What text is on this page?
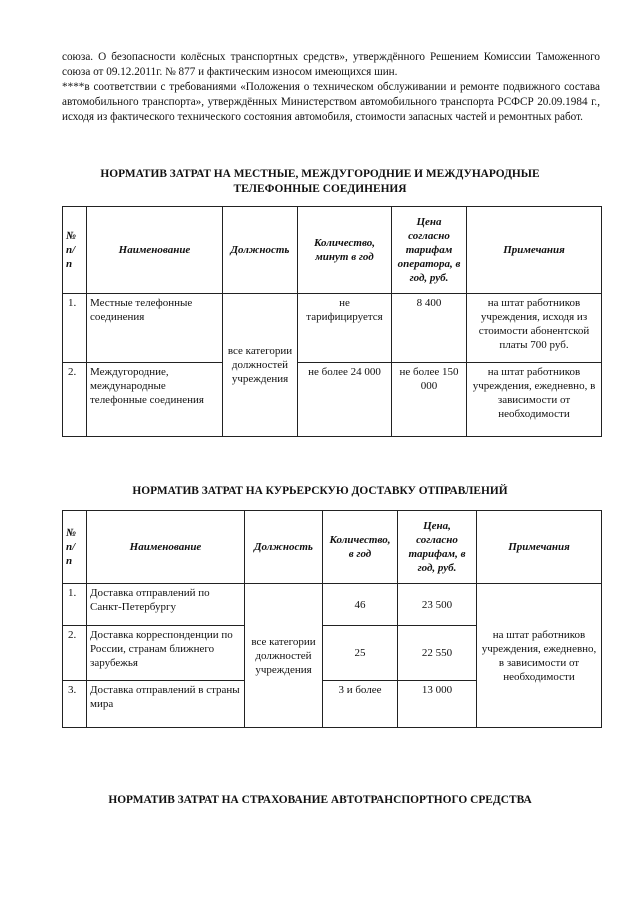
союза. О безопасности колёсных транспортных средств», утверждённого Решением Комиссии Таможенного союза от 09.12.2011г. № 877 и фактическим износом имеющихся шин.

****в соответствии с требованиями «Положения о техническом обслуживании и ремонте подвижного состава автомобильного транспорта», утверждённых Министерством автомобильного транспорта РСФСР 20.09.1984 г., исходя из фактического технического состояния автомобиля, стоимости запасных частей и ремонтных работ.

НОРМАТИВ ЗАТРАТ НА МЕСТНЫЕ, МЕЖДУГОРОДНИЕ И МЕЖДУНАРОДНЫЕ
ТЕЛЕФОННЫЕ СОЕДИНЕНИЯ
№ п/ п	Наименование	Должность	Количество, минут в год	Цена согласно тарифам оператора, в год, руб.	Примечания
1.	Местные телефонные соединения	все категории должностей учреждения	не тарифицируется	8 400	на штат работников учреждения, исходя из стоимости абонентской платы 700 руб.
2.	Междугородние, международные телефонные соединения		не более 24 000	не более 150 000	на штат работников учреждения, ежедневно, в зависимости от необходимости
НОРМАТИВ ЗАТРАТ НА КУРЬЕРСКУЮ ДОСТАВКУ ОТПРАВЛЕНИЙ
№ п/ п	Наименование	Должность	Количество, в год	Цена, согласно тарифам, в год, руб.	Примечания
1.	Доставка отправлений по Санкт-Петербургу	все категории должностей учреждения	46	23 500	на штат работников учреждения, ежедневно, в зависимости от необходимости
2.	Доставка корреспонденции по России, странам ближнего зарубежья		25	22 550	
3.	Доставка отправлений в страны мира		3 и более	13 000	
НОРМАТИВ ЗАТРАТ НА СТРАХОВАНИЕ АВТОТРАНСПОРТНОГО СРЕДСТВА
